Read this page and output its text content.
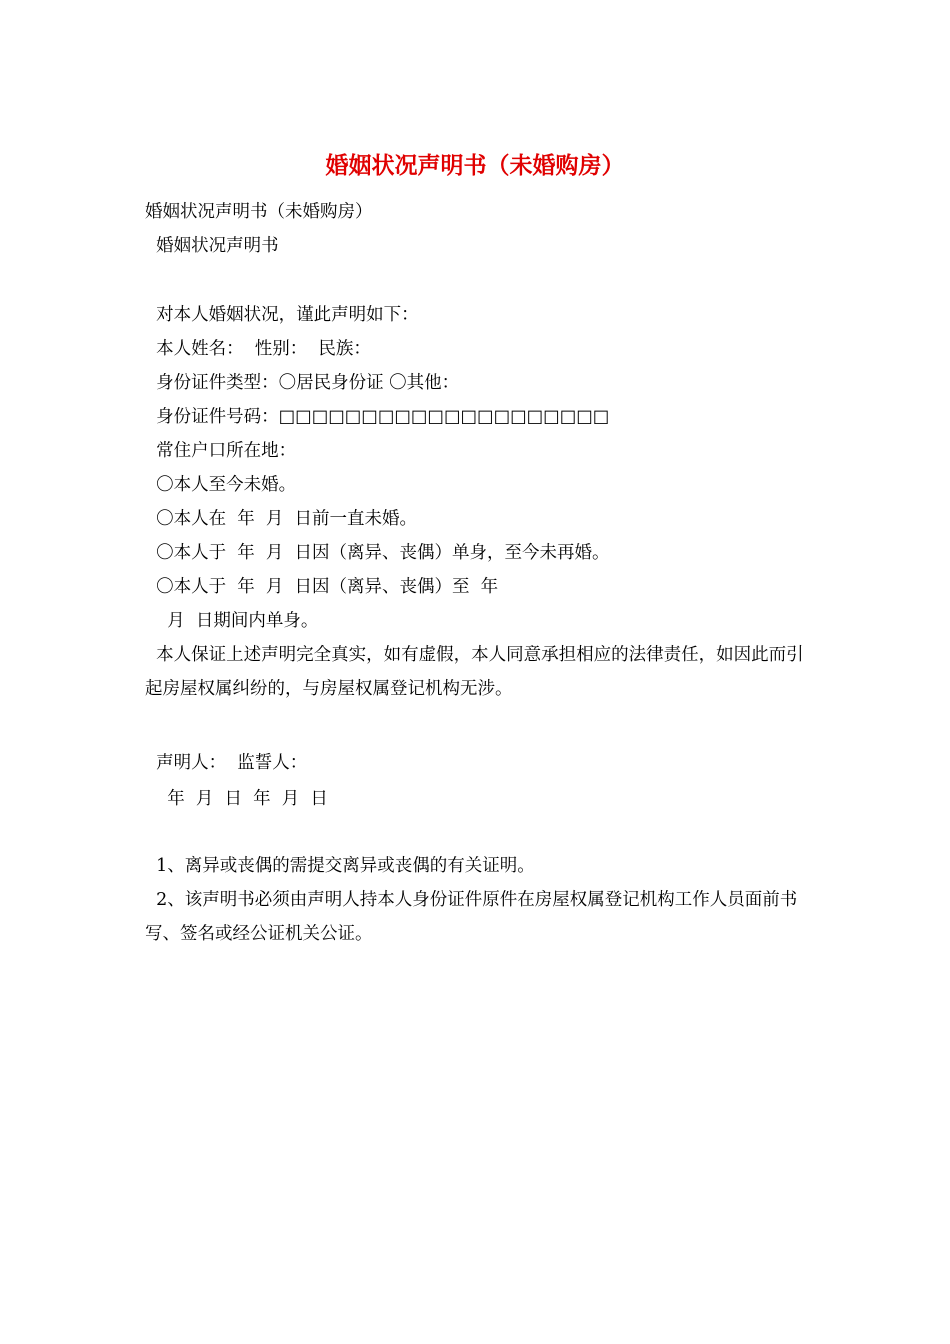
婚姻状况声明书（未婚购房）
婚姻状况声明书（未婚购房）
婚姻状况声明书
对本人婚姻状况，谨此声明如下：
本人姓名：  性别：  民族：
身份证件类型：〇居民身份证 〇其他：
身份证件号码：□□□□□□□□□□□□□□□□□□□□
常住户口所在地：
〇本人至今未婚。
〇本人在  年  月  日前一直未婚。
〇本人于  年  月  日因（离异、丧偶）单身，至今未再婚。
〇本人于  年  月  日因（离异、丧偶）至  年
月  日期间内单身。
本人保证上述声明完全真实，如有虚假，本人同意承担相应的法律责任，如因此而引起房屋权属纠纷的，与房屋权属登记机构无涉。
声明人：  监誓人：
年  月  日  年  月  日
1、离异或丧偶的需提交离异或丧偶的有关证明。
2、该声明书必须由声明人持本人身份证件原件在房屋权属登记机构工作人员面前书写、签名或经公证机关公证。
